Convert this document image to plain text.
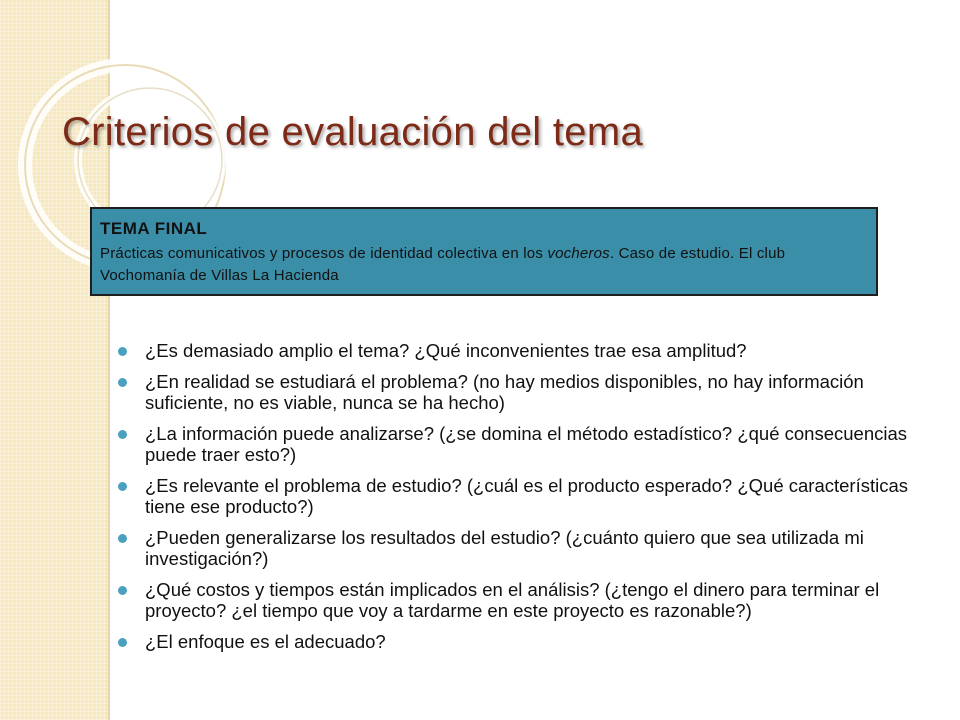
Criterios de evaluación del tema
TEMA FINAL
Prácticas comunicativos y procesos de identidad colectiva en los vocheros. Caso de estudio. El club Vochomanía de Villas La Hacienda
¿Es demasiado amplio el tema? ¿Qué inconvenientes trae esa amplitud?
¿En realidad se estudiará el problema? (no hay medios disponibles, no hay información suficiente, no es viable, nunca se ha hecho)
¿La información puede analizarse? (¿se domina el método estadístico? ¿qué consecuencias puede traer esto?)
¿Es relevante el problema de estudio? (¿cuál es el producto esperado? ¿Qué características tiene ese producto?)
¿Pueden generalizarse los resultados del estudio? (¿cuánto quiero que sea utilizada mi investigación?)
¿Qué costos y tiempos están implicados en el análisis? (¿tengo el dinero para terminar el proyecto? ¿el tiempo que voy a tardarme en este proyecto es razonable?)
¿El enfoque es el adecuado?
